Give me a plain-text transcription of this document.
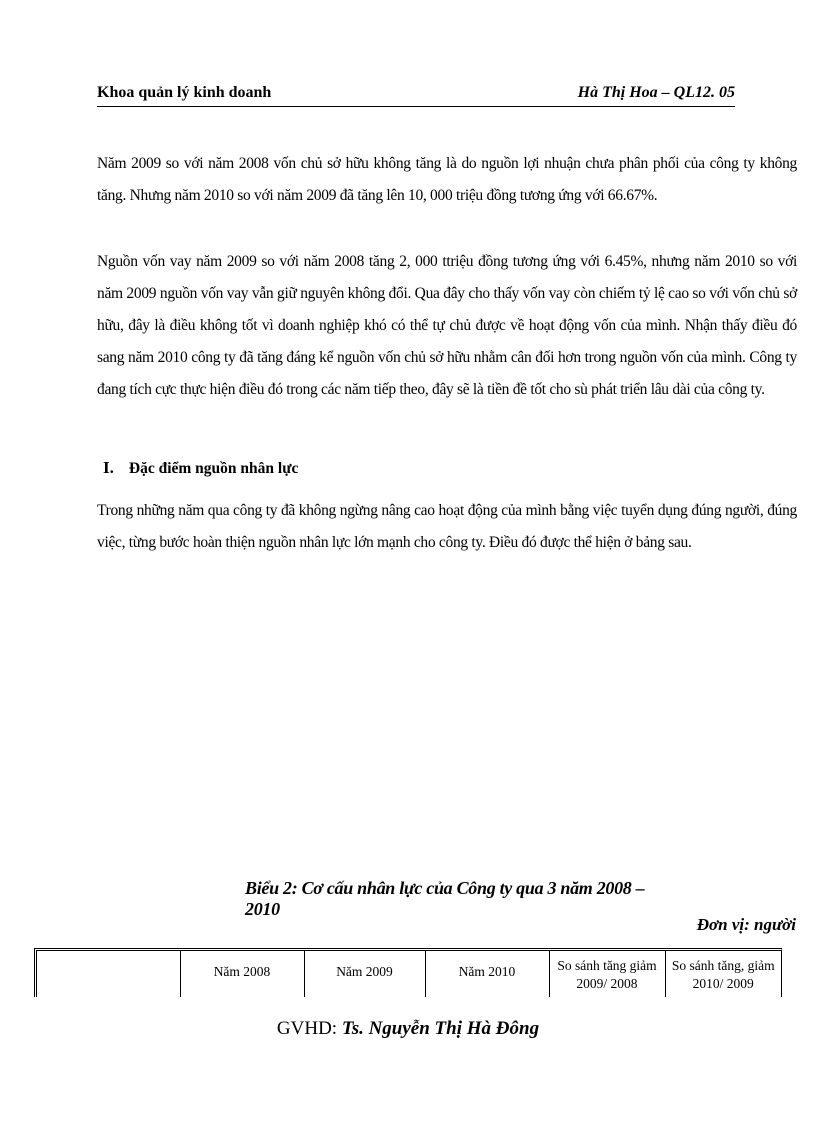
Khoa quản lý kinh doanh	Hà Thị Hoa – QL12. 05

Năm 2009 so với năm 2008 vốn chủ sở hữu không tăng là do nguồn lợi nhuận chưa phân phối của công ty không tăng. Nhưng năm 2010 so với năm 2009 đã tăng lên 10, 000 triệu đồng tương ứng với 66.67%.

Nguồn vốn vay năm 2009 so với năm 2008 tăng 2, 000 ttriệu đồng tương ứng với 6.45%, nhưng năm 2010 so với năm 2009 nguồn vốn vay vẫn giữ nguyên không đổi. Qua đây cho thấy vốn vay còn chiếm tỷ lệ cao so với vốn chủ sở hữu, đây là điều không tốt vì doanh nghiệp khó có thể tự chủ được về hoạt động vốn của mình. Nhận thấy điều đó sang năm 2010 công ty đã tăng đáng kể nguồn vốn chủ sở hữu nhằm cân đối hơn trong nguồn vốn của mình. Công ty đang tích cực thực hiện điều đó trong các năm tiếp theo, đây sẽ là tiền đề tốt cho sù phát triển lâu dài của công ty.

I. Đặc điểm nguồn nhân lực

Trong những năm qua công ty đã không ngừng nâng cao hoạt động của mình bằng việc tuyển dụng đúng người, đúng việc, từng bước hoàn thiện nguồn nhân lực lớn mạnh cho công ty. Điều đó được thể hiện ở bảng sau.

Biểu 2: Cơ cấu nhân lực của Công ty qua 3 năm 2008 – 2010
Đơn vị: người
	Năm 2008	Năm 2009	Năm 2010	So sánh tăng giảm 2009/ 2008	So sánh tăng, giảm 2010/ 2009
GVHD: Ts. Nguyễn Thị Hà Đông
